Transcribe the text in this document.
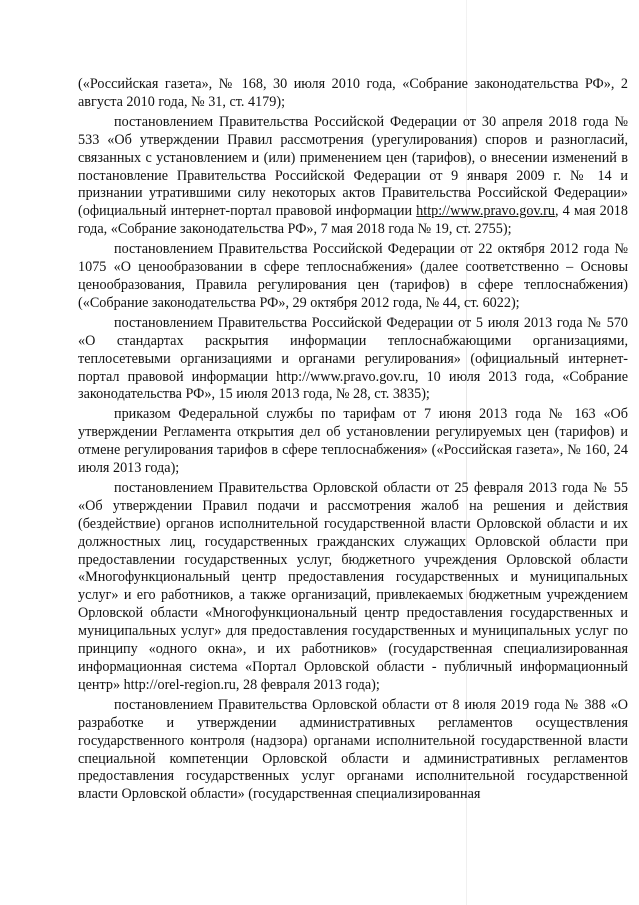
(«Российская газета», № 168, 30 июля 2010 года, «Собрание законодательства РФ», 2 августа 2010 года, № 31, ст. 4179);

постановлением Правительства Российской Федерации от 30 апреля 2018 года № 533 «Об утверждении Правил рассмотрения (урегулирования) споров и разногласий, связанных с установлением и (или) применением цен (тарифов), о внесении изменений в постановление Правительства Российской Федерации от 9 января 2009 г. № 14 и признании утратившими силу некоторых актов Правительства Российской Федерации» (официальный интернет-портал правовой информации http://www.pravo.gov.ru, 4 мая 2018 года, «Собрание законодательства РФ», 7 мая 2018 года № 19, ст. 2755);

постановлением Правительства Российской Федерации от 22 октября 2012 года № 1075 «О ценообразовании в сфере теплоснабжения» (далее соответственно – Основы ценообразования, Правила регулирования цен (тарифов) в сфере теплоснабжения) («Собрание законодательства РФ», 29 октября 2012 года, № 44, ст. 6022);

постановлением Правительства Российской Федерации от 5 июля 2013 года № 570 «О стандартах раскрытия информации теплоснабжающими организациями, теплосетевыми организациями и органами регулирования» (официальный интернет-портал правовой информации http://www.pravo.gov.ru, 10 июля 2013 года, «Собрание законодательства РФ», 15 июля 2013 года, № 28, ст. 3835);

приказом Федеральной службы по тарифам от 7 июня 2013 года № 163 «Об утверждении Регламента открытия дел об установлении регулируемых цен (тарифов) и отмене регулирования тарифов в сфере теплоснабжения» («Российская газета», № 160, 24 июля 2013 года);

постановлением Правительства Орловской области от 25 февраля 2013 года № 55 «Об утверждении Правил подачи и рассмотрения жалоб на решения и действия (бездействие) органов исполнительной государственной власти Орловской области и их должностных лиц, государственных гражданских служащих Орловской области при предоставлении государственных услуг, бюджетного учреждения Орловской области «Многофункциональный центр предоставления государственных и муниципальных услуг» и его работников, а также организаций, привлекаемых бюджетным учреждением Орловской области «Многофункциональный центр предоставления государственных и муниципальных услуг» для предоставления государственных и муниципальных услуг по принципу «одного окна», и их работников» (государственная специализированная информационная система «Портал Орловской области - публичный информационный центр» http://orel-region.ru, 28 февраля 2013 года);

постановлением Правительства Орловской области от 8 июля 2019 года № 388 «О разработке и утверждении административных регламентов осуществления государственного контроля (надзора) органами исполнительной государственной власти специальной компетенции Орловской области и административных регламентов предоставления государственных услуг органами исполнительной государственной власти Орловской области» (государственная специализированная
